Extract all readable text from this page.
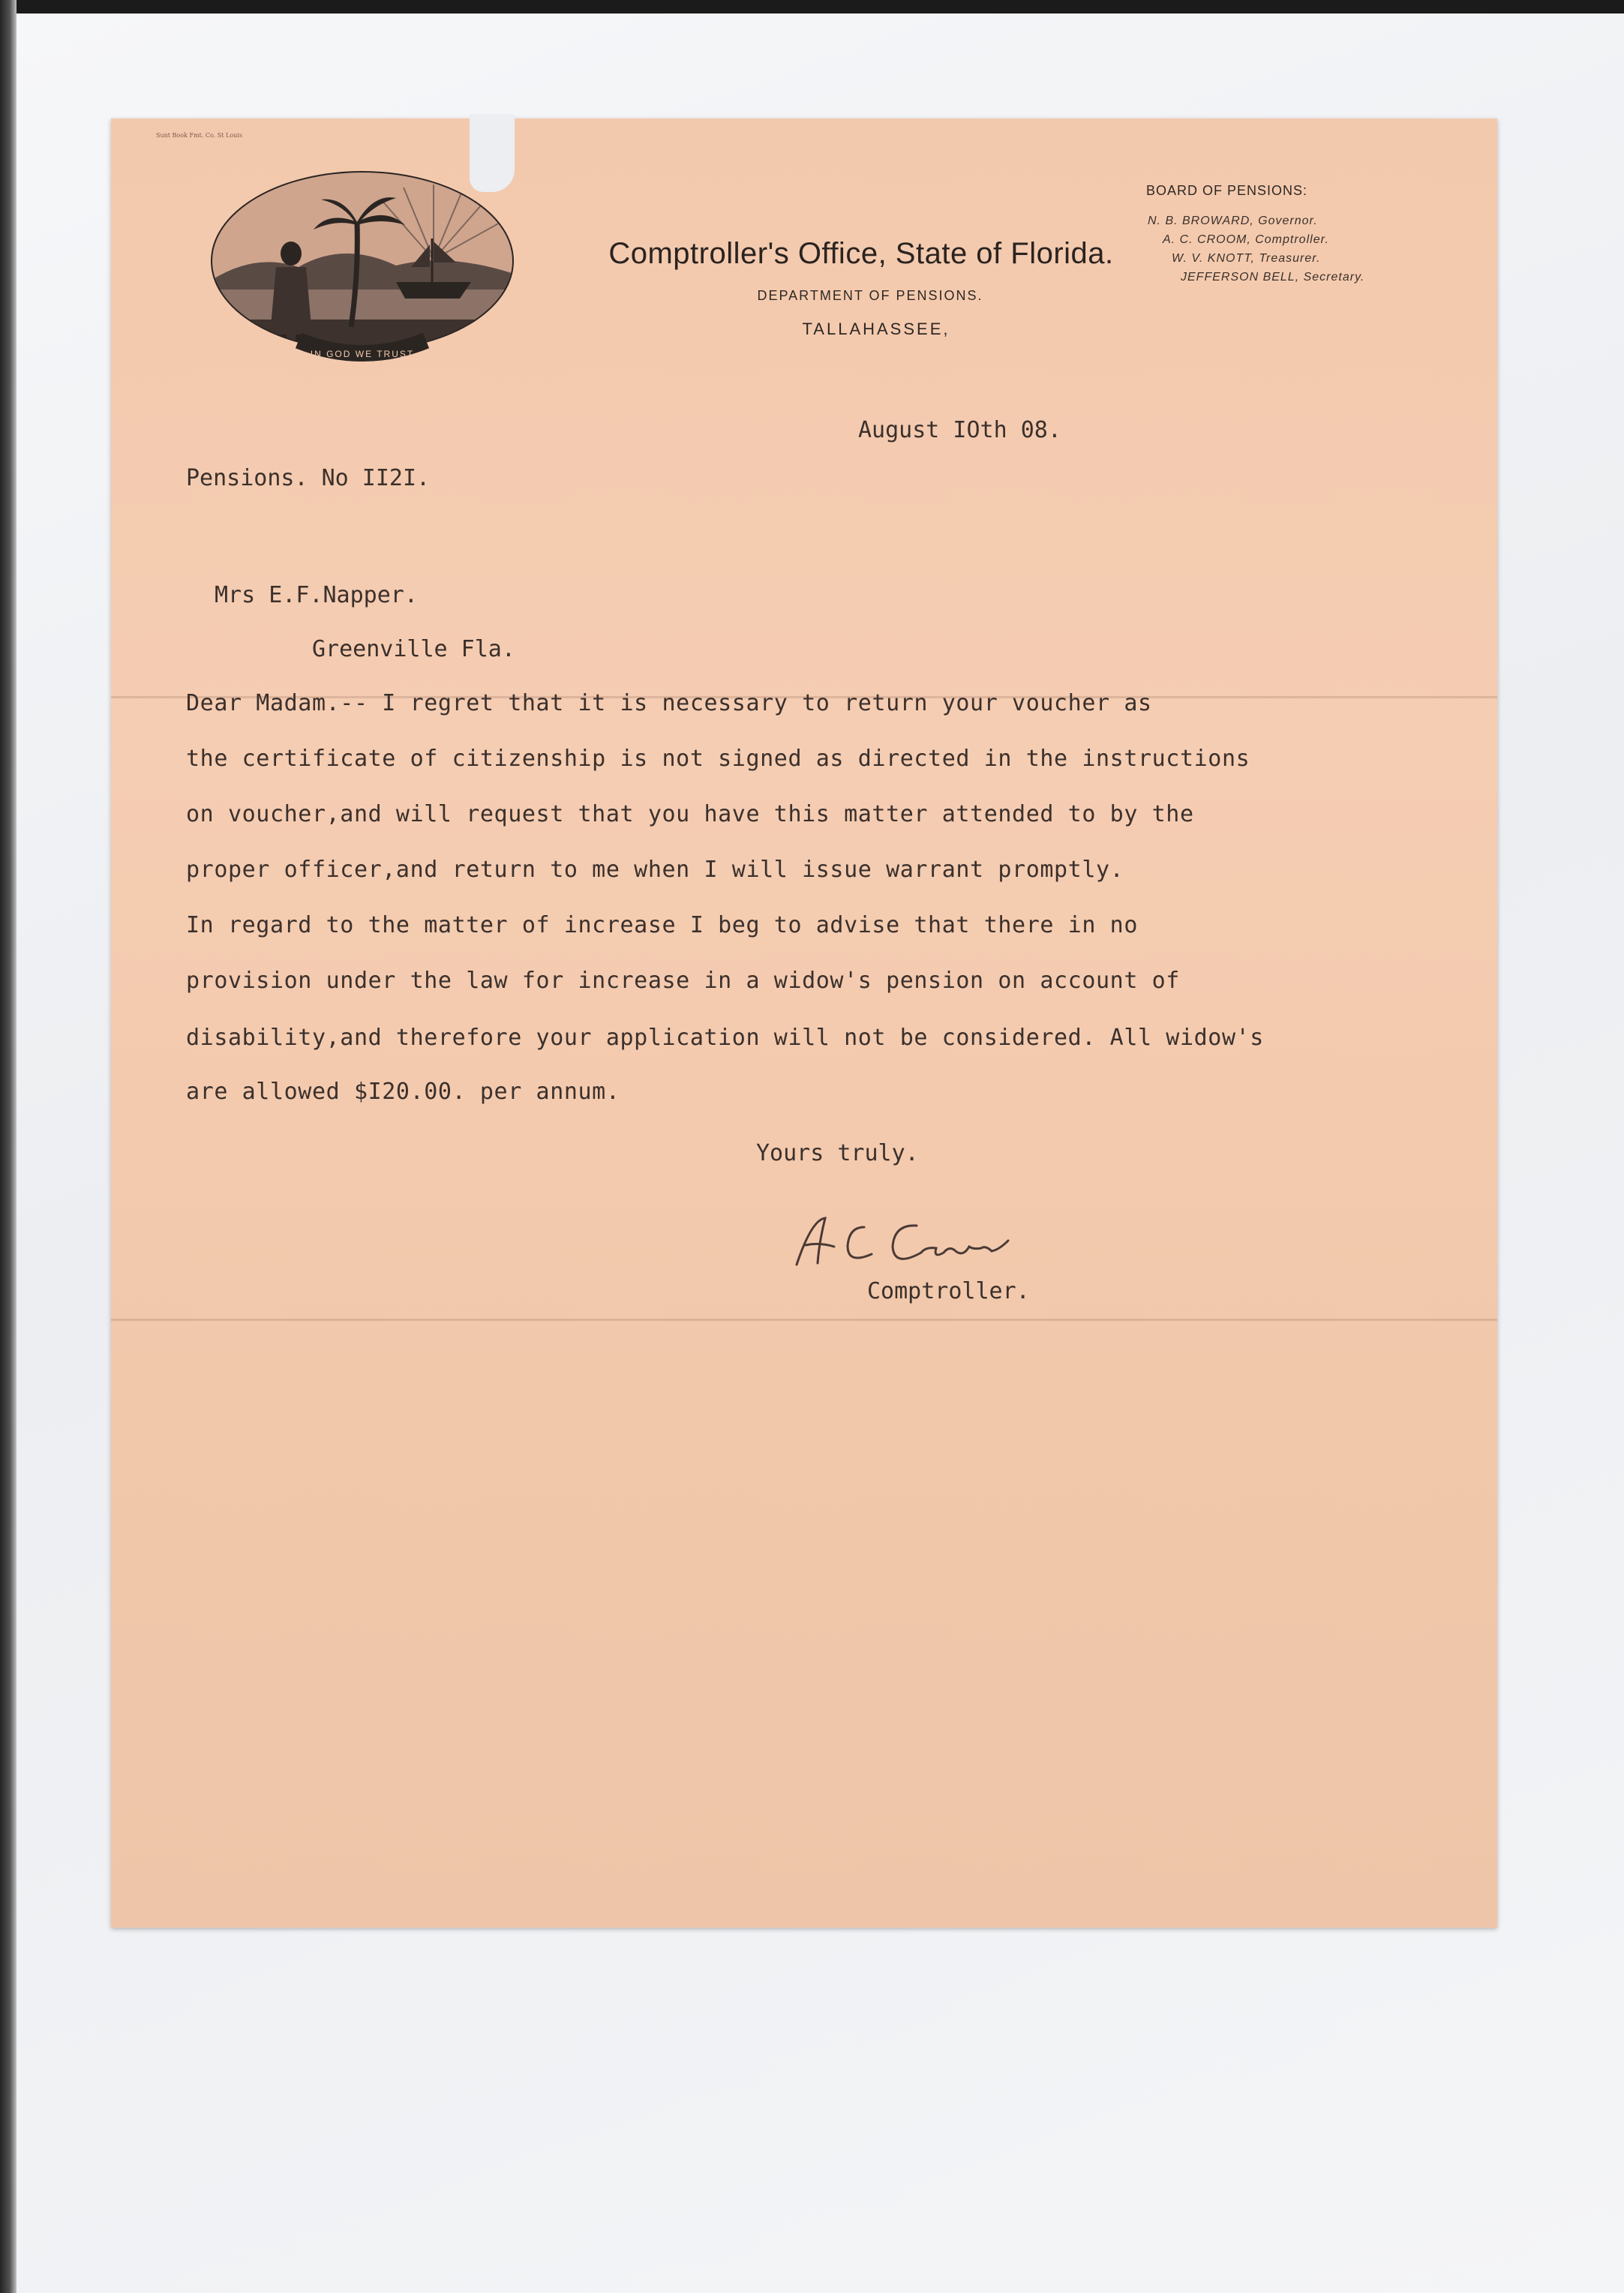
Sunt Book Fmt. Co. St Louis
IN GOD WE TRUST
Comptroller's Office, State of Florida.
DEPARTMENT OF PENSIONS.
TALLAHASSEE,
BOARD OF PENSIONS:
N. B. BROWARD, Governor.
A. C. CROOM, Comptroller.
W. V. KNOTT, Treasurer.
JEFFERSON BELL, Secretary.
August IOth 08.
Pensions. No II2I.
Mrs E.F.Napper.
Greenville Fla.
Dear Madam.-- I regret that it is necessary to return your voucher as
the certificate of citizenship is not signed as directed in the instructions
on voucher,and will request that you have this matter attended to by the
proper officer,and return to me when I will issue warrant promptly.
In regard to the matter of increase I beg to advise that there in no
provision under the law for increase in a widow's pension on account of
disability,and therefore your application will not be considered. All widow's
are allowed $I20.00. per annum.
Yours truly.
Comptroller.
